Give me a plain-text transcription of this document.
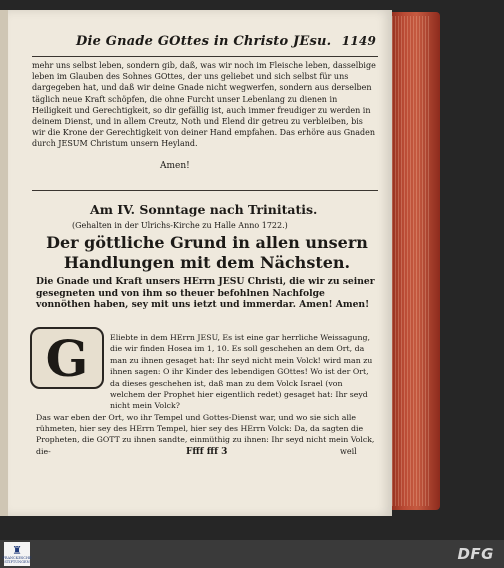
Die Gnade GOttes in Christo JEsu. 1149
mehr uns selbst leben, sondern gib, daß, was wir noch im Fleische leben, dasselbige leben im Glauben des Sohnes GOttes, der uns geliebet und sich selbst für uns dargegeben hat, und daß wir deine Gnade nicht wegwerfen, sondern aus derselben täglich neue Kraft schöpfen, die ohne Furcht unser Lebenlang zu dienen in Heiligkeit und Gerechtigkeit, so dir gefällig ist, auch immer freudiger zu werden in deinem Dienst, und in allem Creutz, Noth und Elend dir getreu zu verbleiben, bis wir die Krone der Gerechtigkeit von deiner Hand empfahen. Das erhöre aus Gnaden durch JESUM Christum unsern Heyland.
Amen!
Am IV. Sonntage nach Trinitatis.
(Gehalten in der Ulrichs-Kirche zu Halle Anno 1722.)
Der göttliche Grund in allen unsern Handlungen mit dem Nächsten.
Die Gnade und Kraft unsers HErrn JESU Christi, die wir zu seiner gesegneten und von ihm so theuer befohlnen Nachfolge vonnöthen haben, sey mit uns ietzt und immerdar. Amen! Amen!
G	Eliebte in dem HErrn JESU, Es ist eine gar herrliche Weissagung, die wir finden Hosea im 1, 10. Es soll geschehen an dem Ort, da man zu ihnen gesaget hat: Ihr seyd nicht mein Volck! wird man zu ihnen sagen: O ihr Kinder des lebendigen GOttes! Wo ist der Ort, da dieses geschehen ist, daß man zu dem Volck Israel (von welchem der Prophet hier eigentlich redet) gesaget hat: Ihr seyd nicht mein Volck?
Das war eben der Ort, wo ihr Tempel und Gottes-Dienst war, und wo sie sich alle rühmeten, hier sey des HErrn Tempel, hier sey des HErrn Volck: Da, da sagten die Propheten, die GOTT zu ihnen sandte, einmüthig zu ihnen: Ihr seyd nicht mein Volck, die-	Ffff fff 3	weil
♜
FRANCKESCHE STIFTUNGEN	DFG
